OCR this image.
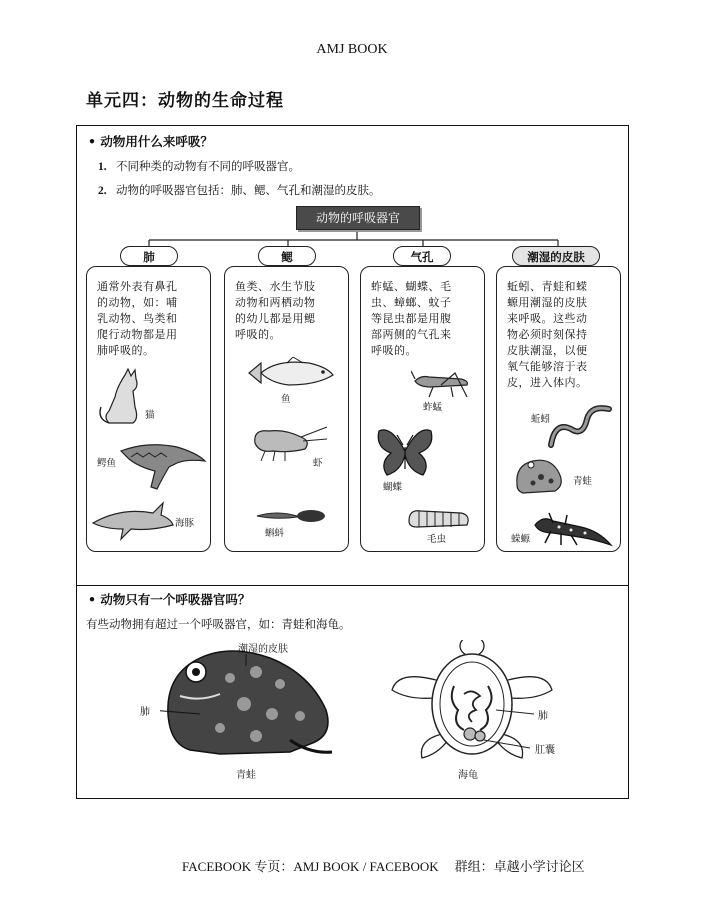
AMJ BOOK
单元四：动物的生命过程
• 动物用什么来呼吸？
1. 不同种类的动物有不同的呼吸器官。
2. 动物的呼吸器官包括：肺、鳃、气孔和潮湿的皮肤。
动物的呼吸器官
肺	鳃	气孔	潮湿的皮肤
通常外表有鼻孔
的动物，如：哺
乳动物、鸟类和
爬行动物都是用
肺呼吸的。
猫
鳄鱼
海豚
鱼类、水生节肢
动物和两栖动物
的幼儿都是用鳃
呼吸的。
鱼
虾
蝌蚪
蚱蜢、蝴蝶、毛
虫、蟑螂、蚊子
等昆虫都是用腹
部两侧的气孔来
呼吸的。
蚱蜢
蝴蝶
毛虫
蚯蚓、青蛙和蝾
螈用潮湿的皮肤
来呼吸。这些动
物必须时刻保持
皮肤潮湿，以便
氧气能够溶于表
皮，进入体内。
蚯蚓
青蛙
蝾螈
• 动物只有一个呼吸器官吗？
有些动物拥有超过一个呼吸器官，如：青蛙和海龟。
潮湿的皮肤
肺
青蛙
肺
肛囊
海龟
FACEBOOK 专页：AMJ BOOK / FACEBOOK 群组：卓越小学讨论区
